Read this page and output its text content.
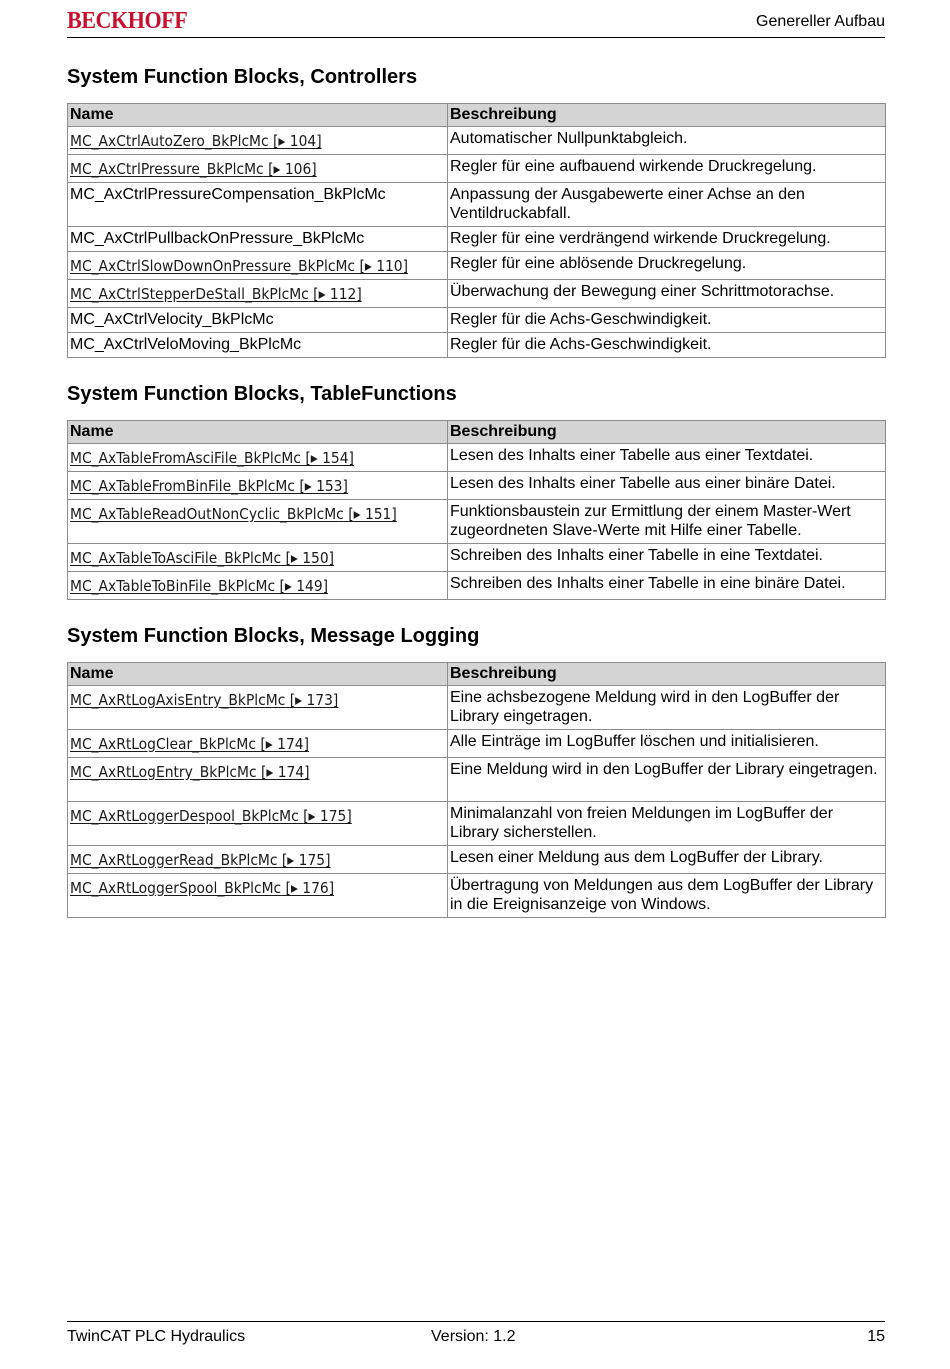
BECKHOFF	Genereller Aufbau
System Function Blocks, Controllers
Name	Beschreibung
MC_AxCtrlAutoZero_BkPlcMc [▸ 104]	Automatischer Nullpunktabgleich.
MC_AxCtrlPressure_BkPlcMc [▸ 106]	Regler für eine aufbauend wirkende Druckregelung.
MC_AxCtrlPressureCompensation_BkPlcMc	Anpassung der Ausgabewerte einer Achse an den Ventildruckabfall.
MC_AxCtrlPullbackOnPressure_BkPlcMc	Regler für eine verdrängend wirkende Druckregelung.
MC_AxCtrlSlowDownOnPressure_BkPlcMc [▸ 110]	Regler für eine ablösende Druckregelung.
MC_AxCtrlStepperDeStall_BkPlcMc [▸ 112]	Überwachung der Bewegung einer Schrittmotorachse.
MC_AxCtrlVelocity_BkPlcMc	Regler für die Achs-Geschwindigkeit.
MC_AxCtrlVeloMoving_BkPlcMc	Regler für die Achs-Geschwindigkeit.
System Function Blocks, TableFunctions
Name	Beschreibung
MC_AxTableFromAsciFile_BkPlcMc [▸ 154]	Lesen des Inhalts einer Tabelle aus einer Textdatei.
MC_AxTableFromBinFile_BkPlcMc [▸ 153]	Lesen des Inhalts einer Tabelle aus einer binäre Datei.
MC_AxTableReadOutNonCyclic_BkPlcMc [▸ 151]	Funktionsbaustein zur Ermittlung der einem Master-Wert zugeordneten Slave-Werte mit Hilfe einer Tabelle.
MC_AxTableToAsciFile_BkPlcMc [▸ 150]	Schreiben des Inhalts einer Tabelle in eine Textdatei.
MC_AxTableToBinFile_BkPlcMc [▸ 149]	Schreiben des Inhalts einer Tabelle in eine binäre Datei.
System Function Blocks, Message Logging
Name	Beschreibung
MC_AxRtLogAxisEntry_BkPlcMc [▸ 173]	Eine achsbezogene Meldung wird in den LogBuffer der Library eingetragen.
MC_AxRtLogClear_BkPlcMc [▸ 174]	Alle Einträge im LogBuffer löschen und initialisieren.
MC_AxRtLogEntry_BkPlcMc [▸ 174]	Eine Meldung wird in den LogBuffer der Library eingetragen.
MC_AxRtLoggerDespool_BkPlcMc [▸ 175]	Minimalanzahl von freien Meldungen im LogBuffer der Library sicherstellen.
MC_AxRtLoggerRead_BkPlcMc [▸ 175]	Lesen einer Meldung aus dem LogBuffer der Library.
MC_AxRtLoggerSpool_BkPlcMc [▸ 176]	Übertragung von Meldungen aus dem LogBuffer der Library in die Ereignisanzeige von Windows.
TwinCAT PLC Hydraulics	Version: 1.2	15
